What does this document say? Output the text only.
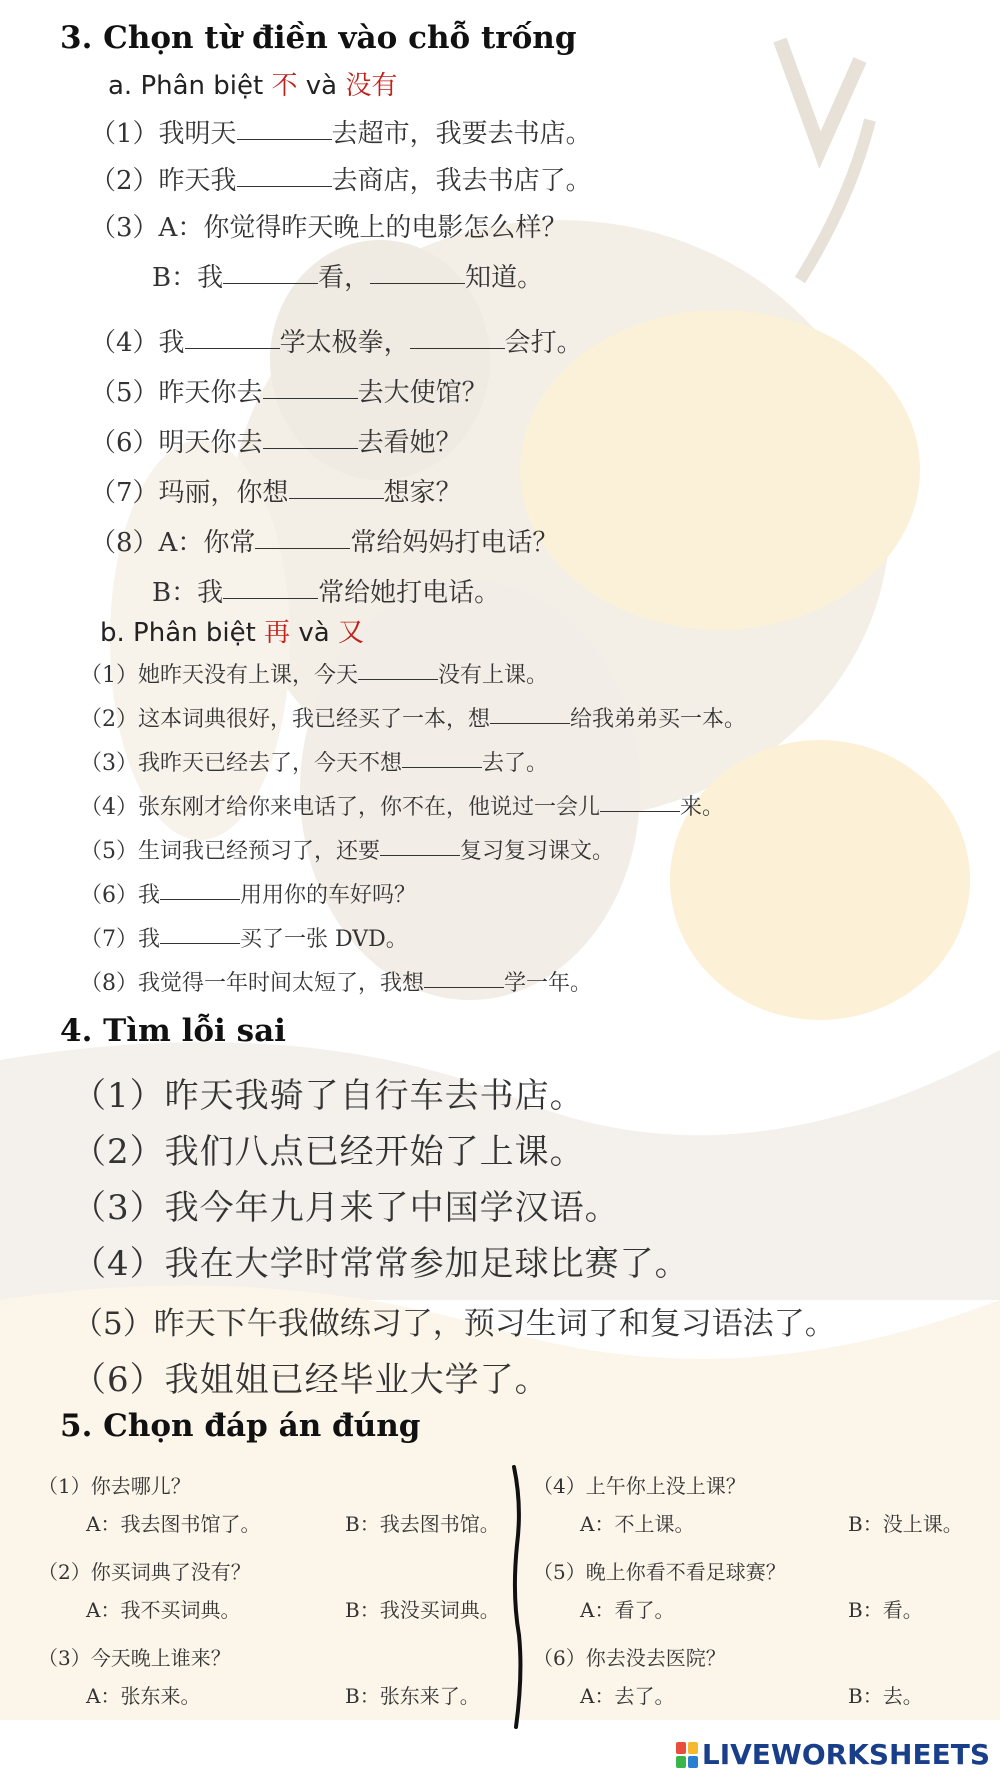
3. Chọn từ điền vào chỗ trống
a. Phân biệt 不 và 没有
（1）我明天	去超市，我要去书店。
（2）昨天我	去商店，我去书店了。
（3）A：你觉得昨天晚上的电影怎么样？
B：我	看，	知道。
（4）我	学太极拳，	会打。
（5）昨天你去	去大使馆？
（6）明天你去	去看她？
（7）玛丽，你想	想家？
（8）A：你常	常给妈妈打电话？
B：我	常给她打电话。
b. Phân biệt 再 và 又
（1）她昨天没有上课，今天	没有上课。
（2）这本词典很好，我已经买了一本，想	给我弟弟买一本。
（3）我昨天已经去了，今天不想	去了。
（4）张东刚才给你来电话了，你不在，他说过一会儿	来。
（5）生词我已经预习了，还要	复习复习课文。
（6）我	用用你的车好吗？
（7）我	买了一张 DVD。
（8）我觉得一年时间太短了，我想	学一年。
4. Tìm lỗi sai
（1）昨天我骑了自行车去书店。
（2）我们八点已经开始了上课。
（3）我今年九月来了中国学汉语。
（4）我在大学时常常参加足球比赛了。
（5）昨天下午我做练习了，预习生词了和复习语法了。
（6）我姐姐已经毕业大学了。
5. Chọn đáp án đúng
（1）你去哪儿？
A：我去图书馆了。	B：我去图书馆。
（2）你买词典了没有？
A：我不买词典。	B：我没买词典。
（3）今天晚上谁来？
A：张东来。	B：张东来了。
（4）上午你上没上课？
A：不上课。	B：没上课。
（5）晚上你看不看足球赛？
A：看了。	B：看。
（6）你去没去医院？
A：去了。	B：去。
LIVEWORKSHEETS
